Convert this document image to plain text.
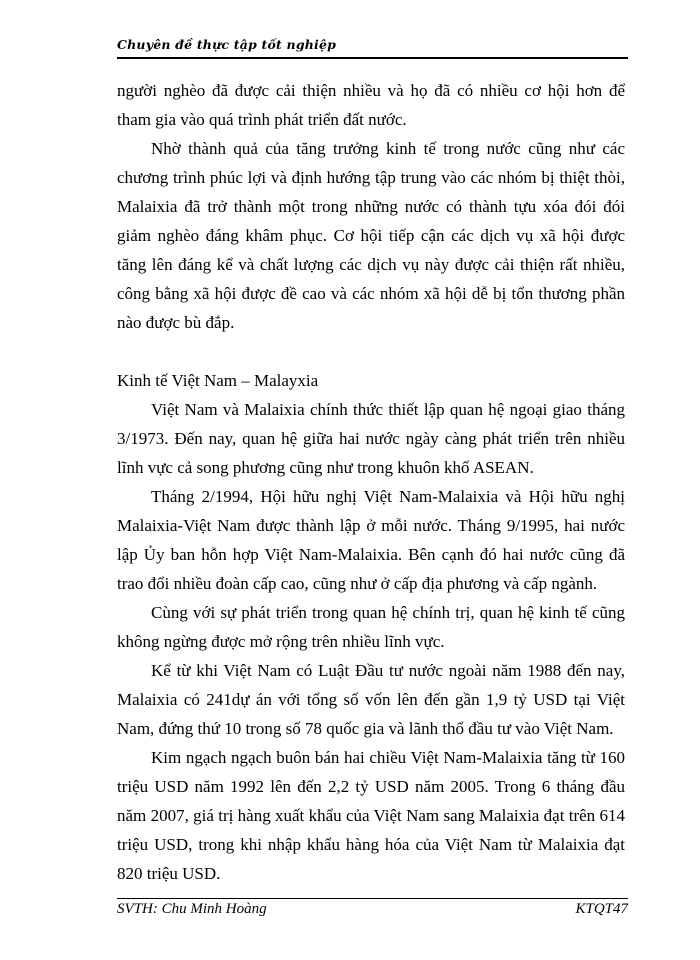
Chuyên đề thực tập tốt nghiệp

người nghèo đã được cải thiện nhiều và họ đã có nhiều cơ hội hơn để tham gia vào quá trình phát triển đất nước.

Nhờ thành quả của tăng trưởng kinh tế trong nước cũng như các chương trình phúc lợi và định hướng tập trung vào các nhóm bị thiệt thòi, Malaixia đã trở thành một trong những nước có thành tựu xóa đói đói giảm nghèo đáng khâm phục. Cơ hội tiếp cận các dịch vụ xã hội được tăng lên đáng kể và chất lượng các dịch vụ này được cải thiện rất nhiều, công bằng xã hội được đề cao và các nhóm xã hội dễ bị tổn thương phần nào được bù đắp.

Kinh tế Việt Nam – Malayxia

Việt Nam và Malaixia chính thức thiết lập quan hệ ngoại giao tháng 3/1973. Đến nay, quan hệ giữa hai nước ngày càng phát triển trên nhiều lĩnh vực cả song phương cũng như trong khuôn khổ ASEAN.

Tháng 2/1994, Hội hữu nghị Việt Nam-Malaixia và Hội hữu nghị Malaixia-Việt Nam được thành lập ở mỗi nước. Tháng 9/1995, hai nước lập Ủy ban hỗn hợp Việt Nam-Malaixia. Bên cạnh đó hai nước cũng đã trao đổi nhiều đoàn cấp cao, cũng như ở cấp địa phương và cấp ngành.

Cùng với sự phát triển trong quan hệ chính trị, quan hệ kinh tế cũng không ngừng được mở rộng trên nhiều lĩnh vực.

Kể từ khi Việt Nam có Luật Đầu tư nước ngoài năm 1988 đến nay, Malaixia có 241dự án với tổng số vốn lên đến gần 1,9 tỷ USD tại Việt Nam, đứng thứ 10 trong số 78 quốc gia và lãnh thổ đầu tư vào Việt Nam.

Kim ngạch ngạch buôn bán hai chiều Việt Nam-Malaixia tăng từ 160 triệu USD năm 1992 lên đến 2,2 tỷ USD năm 2005. Trong 6 tháng đầu năm 2007, giá trị hàng xuất khẩu của Việt Nam sang Malaixia đạt trên 614 triệu USD, trong khi nhập khẩu hàng hóa của Việt Nam từ Malaixia đạt 820 triệu USD.

SVTH: Chu Minh Hoàng	KTQT47
